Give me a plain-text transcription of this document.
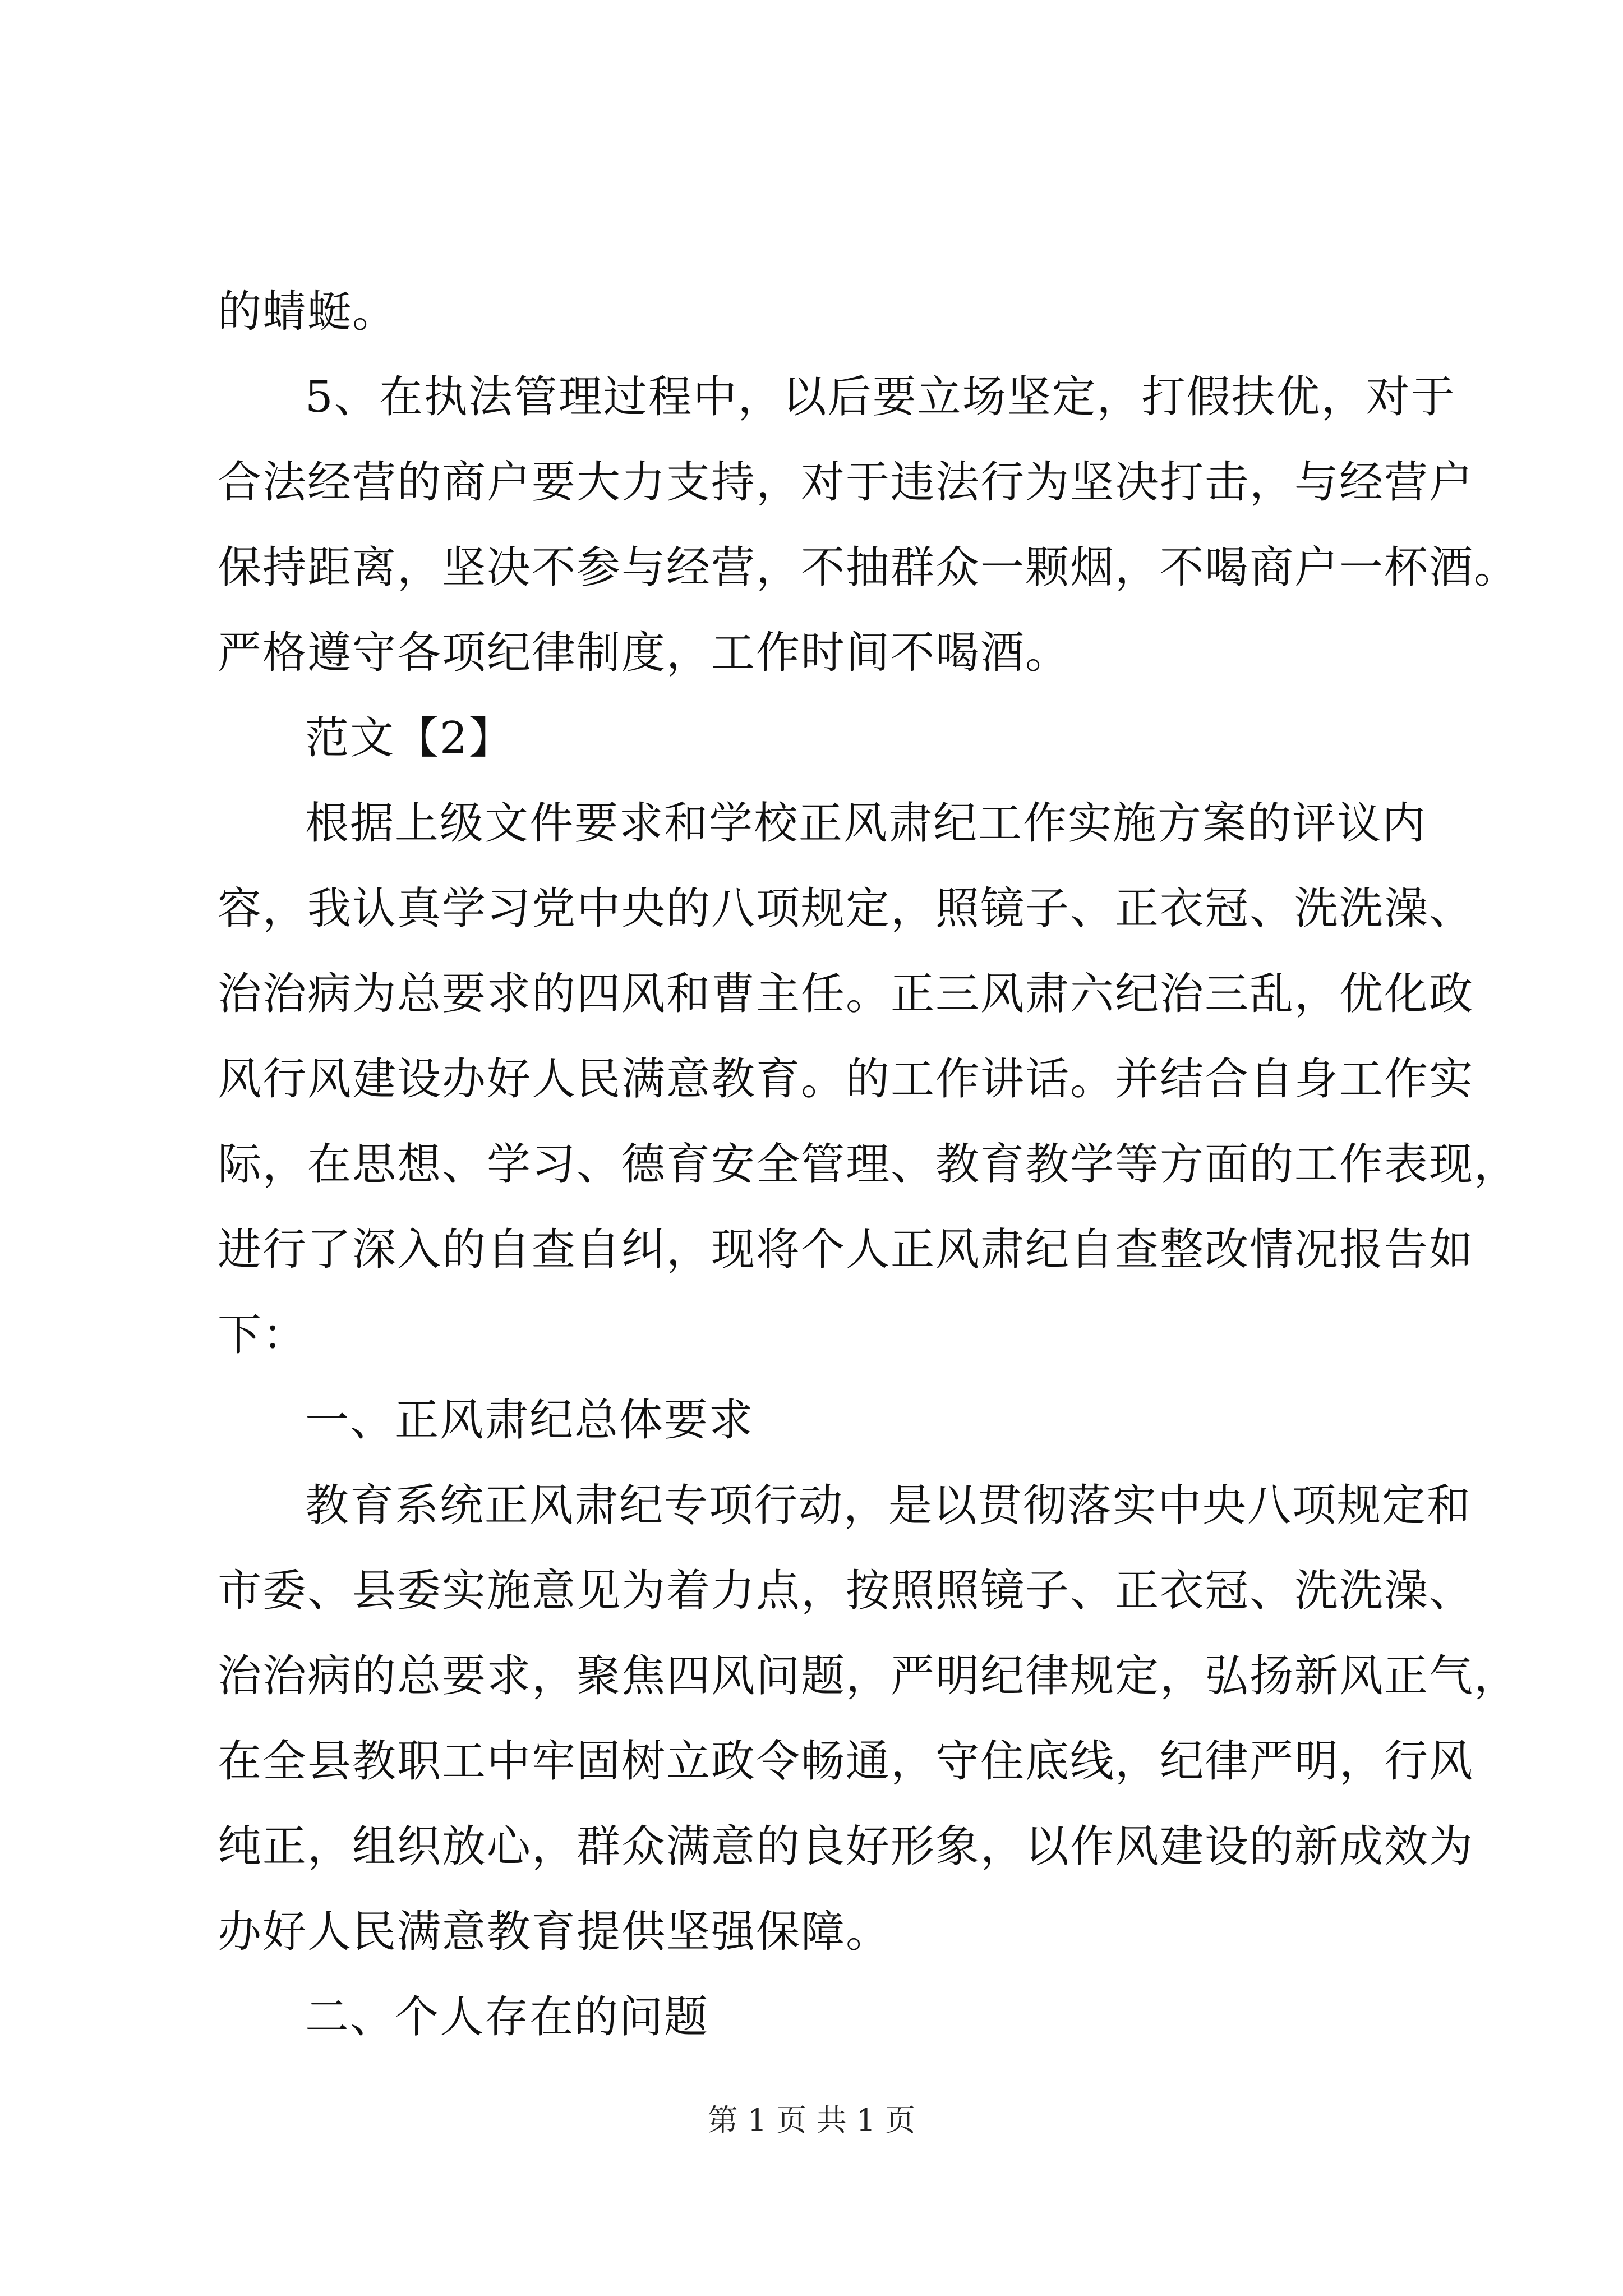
的蜻蜓。
5、在执法管理过程中，以后要立场坚定，打假扶优，对于
合法经营的商户要大力支持，对于违法行为坚决打击，与经营户
保持距离，坚决不参与经营，不抽群众一颗烟，不喝商户一杯酒。
严格遵守各项纪律制度，工作时间不喝酒。
范文【2】
根据上级文件要求和学校正风肃纪工作实施方案的评议内
容，我认真学习党中央的八项规定，照镜子、正衣冠、洗洗澡、
治治病为总要求的四风和曹主任。正三风肃六纪治三乱，优化政
风行风建设办好人民满意教育。的工作讲话。并结合自身工作实
际，在思想、学习、德育安全管理、教育教学等方面的工作表现，
进行了深入的自查自纠，现将个人正风肃纪自查整改情况报告如
下：
一、正风肃纪总体要求
教育系统正风肃纪专项行动，是以贯彻落实中央八项规定和
市委、县委实施意见为着力点，按照照镜子、正衣冠、洗洗澡、
治治病的总要求，聚焦四风问题，严明纪律规定，弘扬新风正气，
在全县教职工中牢固树立政令畅通，守住底线，纪律严明，行风
纯正，组织放心，群众满意的良好形象，以作风建设的新成效为
办好人民满意教育提供坚强保障。
二、个人存在的问题
第 1 页 共 1 页
